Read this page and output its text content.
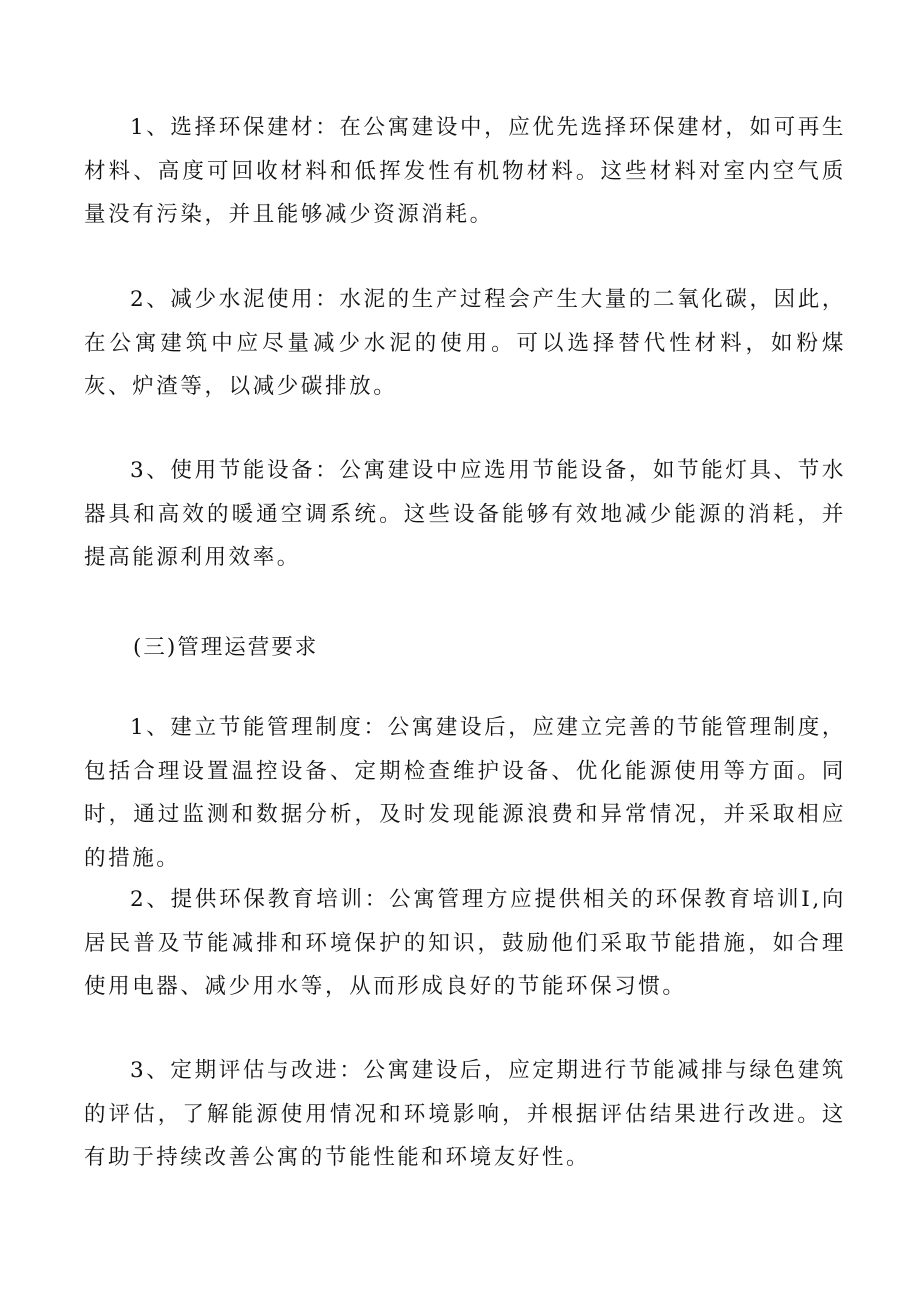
1、选择环保建材：在公寓建设中，应优先选择环保建材，如可再生材料、高度可回收材料和低挥发性有机物材料。这些材料对室内空气质量没有污染，并且能够减少资源消耗。

2、减少水泥使用：水泥的生产过程会产生大量的二氧化碳，因此，在公寓建筑中应尽量减少水泥的使用。可以选择替代性材料，如粉煤灰、炉渣等，以减少碳排放。

3、使用节能设备：公寓建设中应选用节能设备，如节能灯具、节水器具和高效的暖通空调系统。这些设备能够有效地减少能源的消耗，并提高能源利用效率。

(三)管理运营要求

1、建立节能管理制度：公寓建设后，应建立完善的节能管理制度，包括合理设置温控设备、定期检查维护设备、优化能源使用等方面。同时，通过监测和数据分析，及时发现能源浪费和异常情况，并采取相应的措施。

2、提供环保教育培训：公寓管理方应提供相关的环保教育培训I,向居民普及节能减排和环境保护的知识，鼓励他们采取节能措施，如合理使用电器、减少用水等，从而形成良好的节能环保习惯。

3、定期评估与改进：公寓建设后，应定期进行节能减排与绿色建筑的评估，了解能源使用情况和环境影响，并根据评估结果进行改进。这有助于持续改善公寓的节能性能和环境友好性。
